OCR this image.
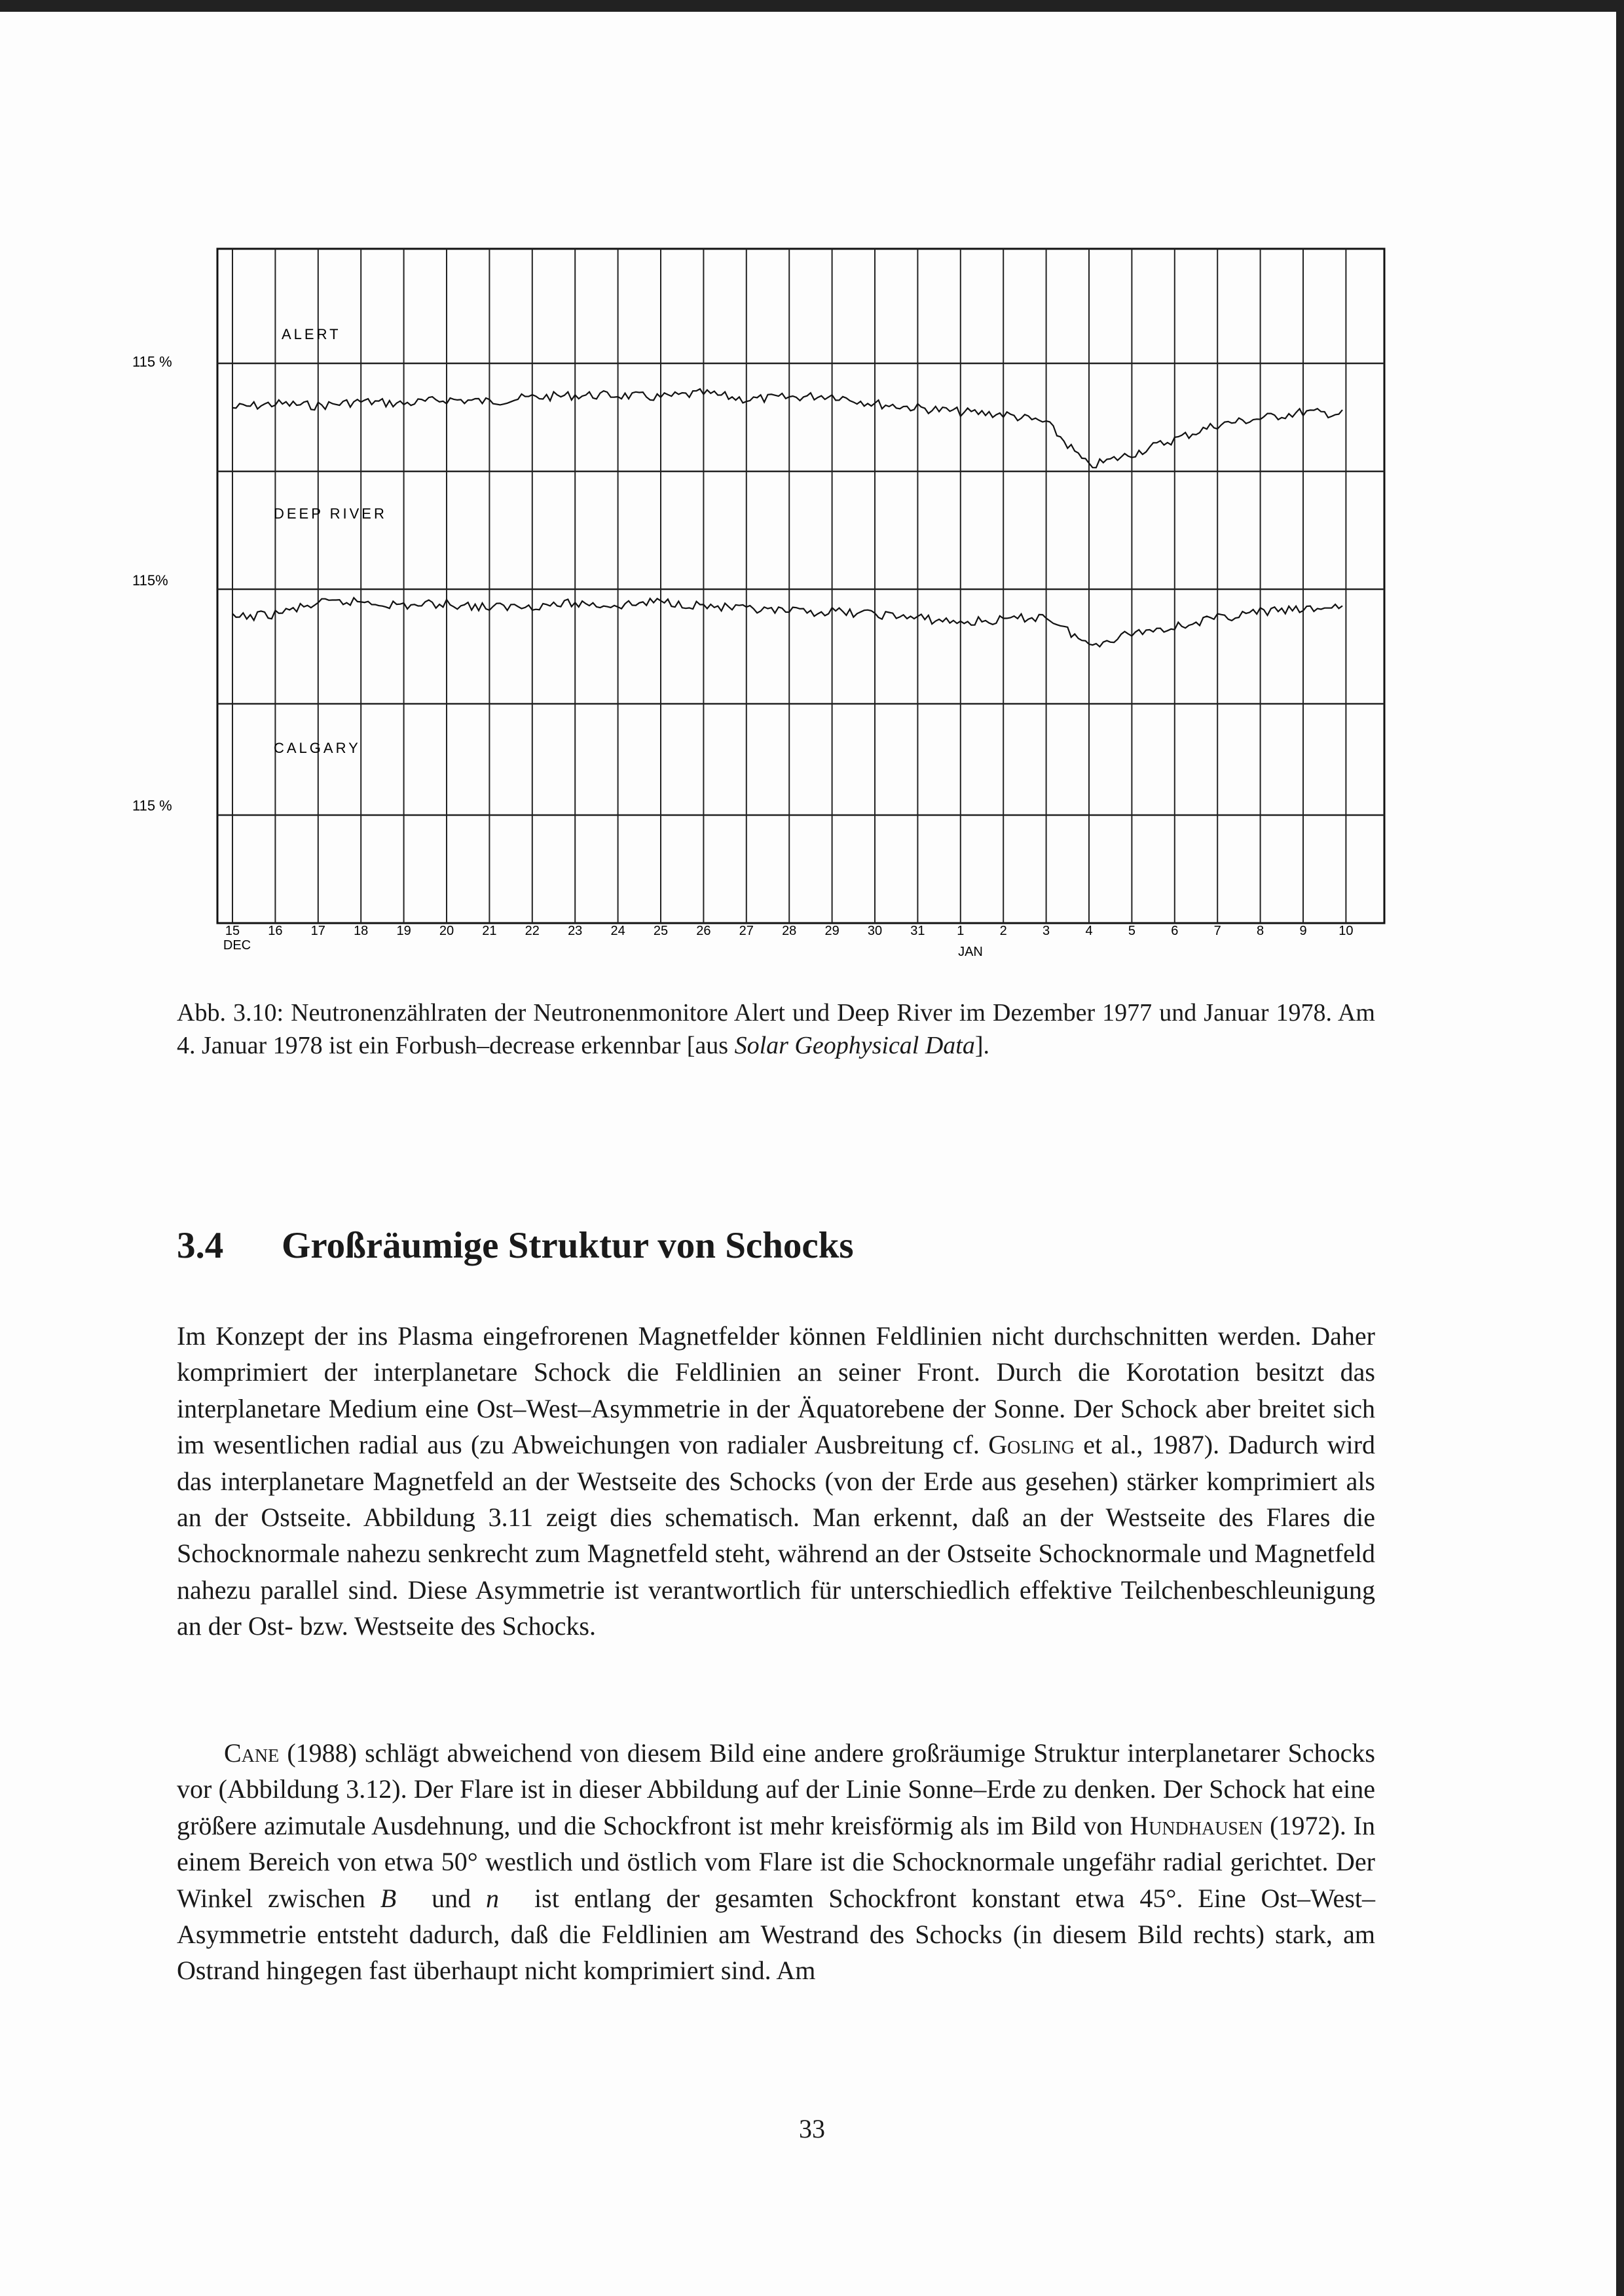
ALERT
DEEP RIVER
CALGARY
115 %
115%
115 %
15 16 17 18 19 20 21 22 23 24 25 26 27 28 29 30 31 1	2	3	4	5	6	7	8	9 10
DEC	JAN
Abb. 3.10: Neutronenzählraten der Neutronenmonitore Alert und Deep River im Dezember 1977 und Januar 1978. Am 4. Januar 1978 ist ein Forbush–decrease erkennbar [aus Solar Geophysical Data].
3.4 Großräumige Struktur von Schocks
Im Konzept der ins Plasma eingefrorenen Magnetfelder können Feldlinien nicht durchschnitten werden. Daher komprimiert der interplanetare Schock die Feldlinien an seiner Front. Durch die Korotation besitzt das interplanetare Medium eine Ost–West–Asymmetrie in der Äquatorebene der Sonne. Der Schock aber breitet sich im wesentlichen radial aus (zu Abweichungen von radialer Ausbreitung cf. Gosling et al., 1987). Dadurch wird das interplanetare Magnetfeld an der Westseite des Schocks (von der Erde aus gesehen) stärker komprimiert als an der Ostseite. Abbildung 3.11 zeigt dies schematisch. Man erkennt, daß an der Westseite des Flares die Schocknormale nahezu senkrecht zum Magnetfeld steht, während an der Ostseite Schocknormale und Magnetfeld nahezu parallel sind. Diese Asymmetrie ist verantwortlich für unterschiedlich effektive Teilchenbeschleunigung an der Ost- bzw. Westseite des Schocks.
Cane (1988) schlägt abweichend von diesem Bild eine andere großräumige Struktur interplanetarer Schocks vor (Abbildung 3.12). Der Flare ist in dieser Abbildung auf der Linie Sonne–Erde zu denken. Der Schock hat eine größere azimutale Ausdehnung, und die Schockfront ist mehr kreisförmig als im Bild von Hundhausen (1972). In einem Bereich von etwa 50° westlich und östlich vom Flare ist die Schocknormale ungefähr radial gerichtet. Der Winkel zwischen B⃗ und n⃗ ist entlang der gesamten Schockfront konstant etwa 45°. Eine Ost–West–Asymmetrie entsteht dadurch, daß die Feldlinien am Westrand des Schocks (in diesem Bild rechts) stark, am Ostrand hingegen fast überhaupt nicht komprimiert sind. Am
33
